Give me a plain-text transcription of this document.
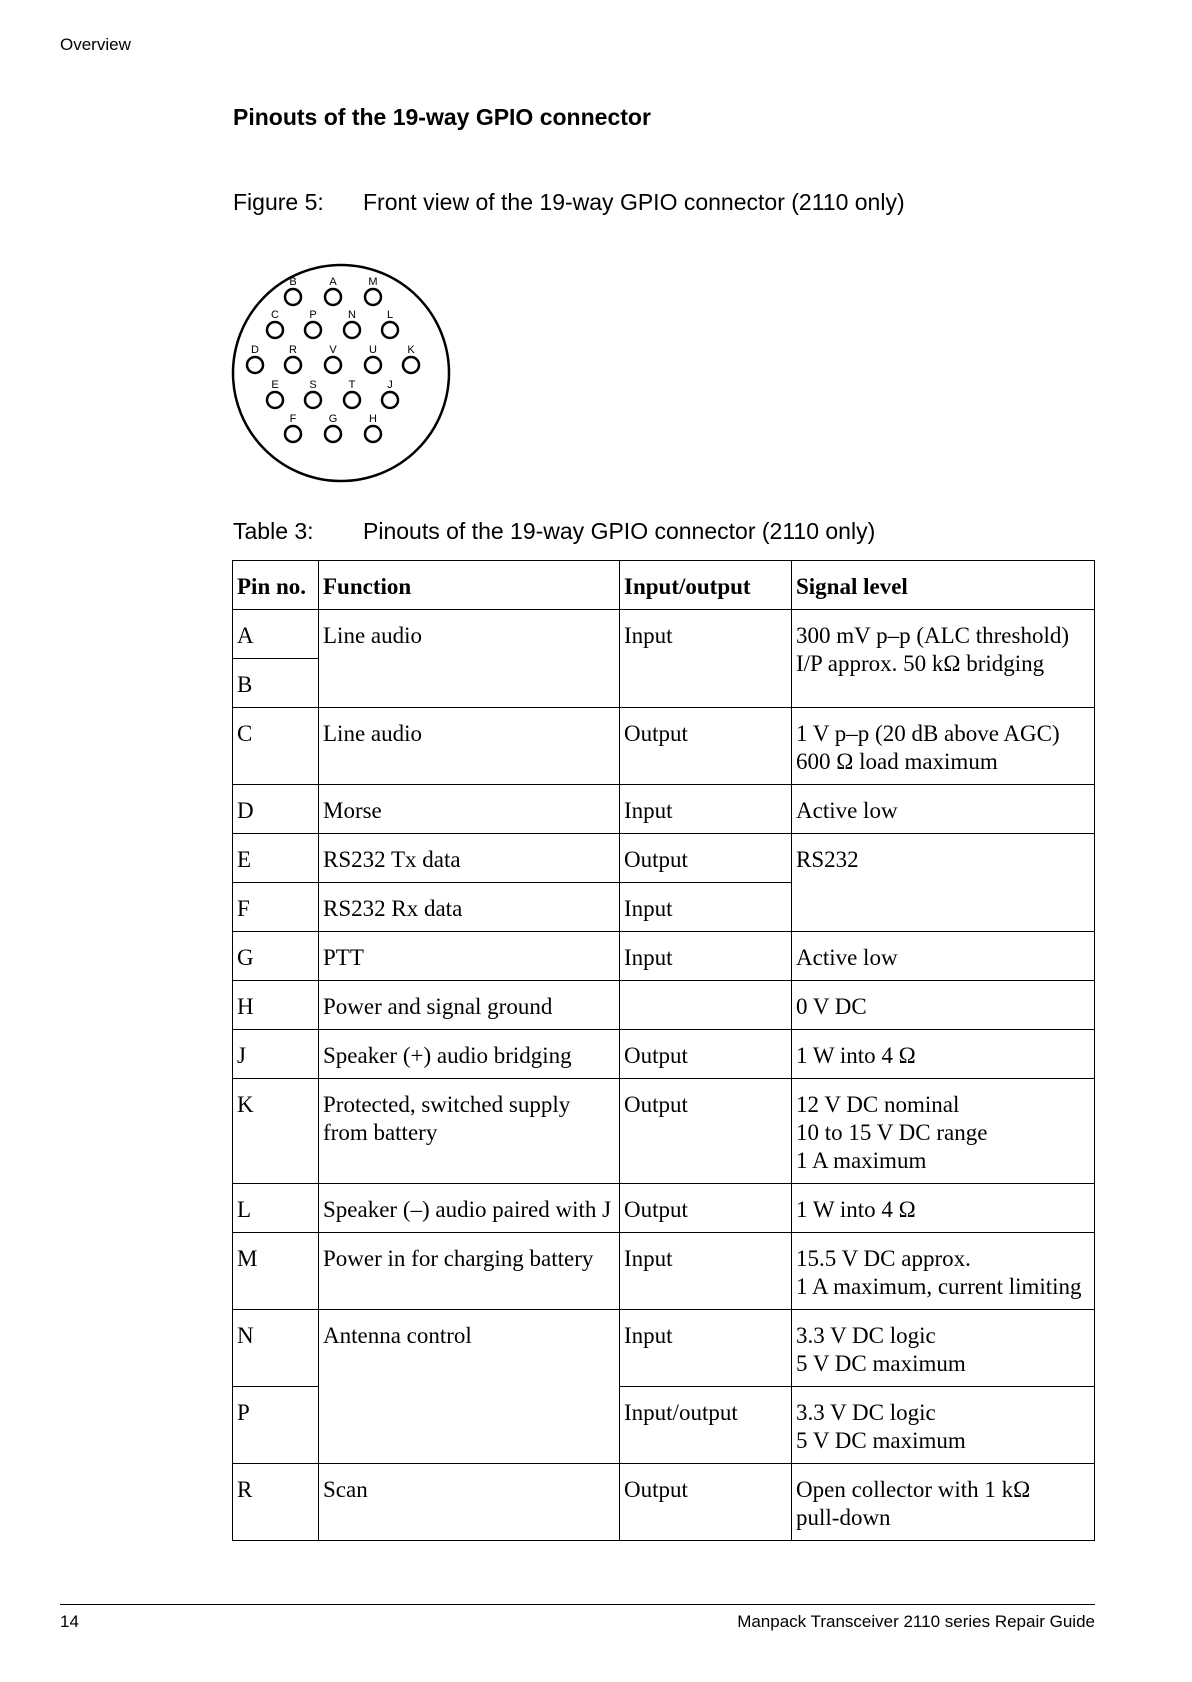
Overview
Pinouts of the 19-way GPIO connector
Figure 5: Front view of the 19-way GPIO connector (2110 only)
B	A	M
C	P	N	L
D	R	V	U	K
E	S	T	J
F	G	H
Table 3: Pinouts of the 19-way GPIO connector (2110 only)
Pin no.	Function	Input/output	Signal level
A	Line audio	Input	300 mV p–p (ALC threshold)
I/P approx. 50 kΩ bridging

B			
C	Line audio	Output	1 V p–p (20 dB above AGC)
600 Ω load maximum

D	Morse	Input	Active low
E	RS232 Tx data	Output	RS232
F	RS232 Rx data	Input	
G	PTT	Input	Active low
H	Power and signal ground		0 V DC
J	Speaker (+) audio bridging	Output	1 W into 4 Ω
K	Protected, switched supply from battery	Output	12 V DC nominal
10 to 15 V DC range
1 A maximum

L	Speaker (–) audio paired with J	Output	1 W into 4 Ω
M	Power in for charging battery	Input	15.5 V DC approx.
1 A maximum, current limiting

N	Antenna control	Input	3.3 V DC logic
5 V DC maximum

P		Input/output	3.3 V DC logic
5 V DC maximum

R	Scan	Output	Open collector with 1 kΩ
pull-down
14	Manpack Transceiver 2110 series Repair Guide
